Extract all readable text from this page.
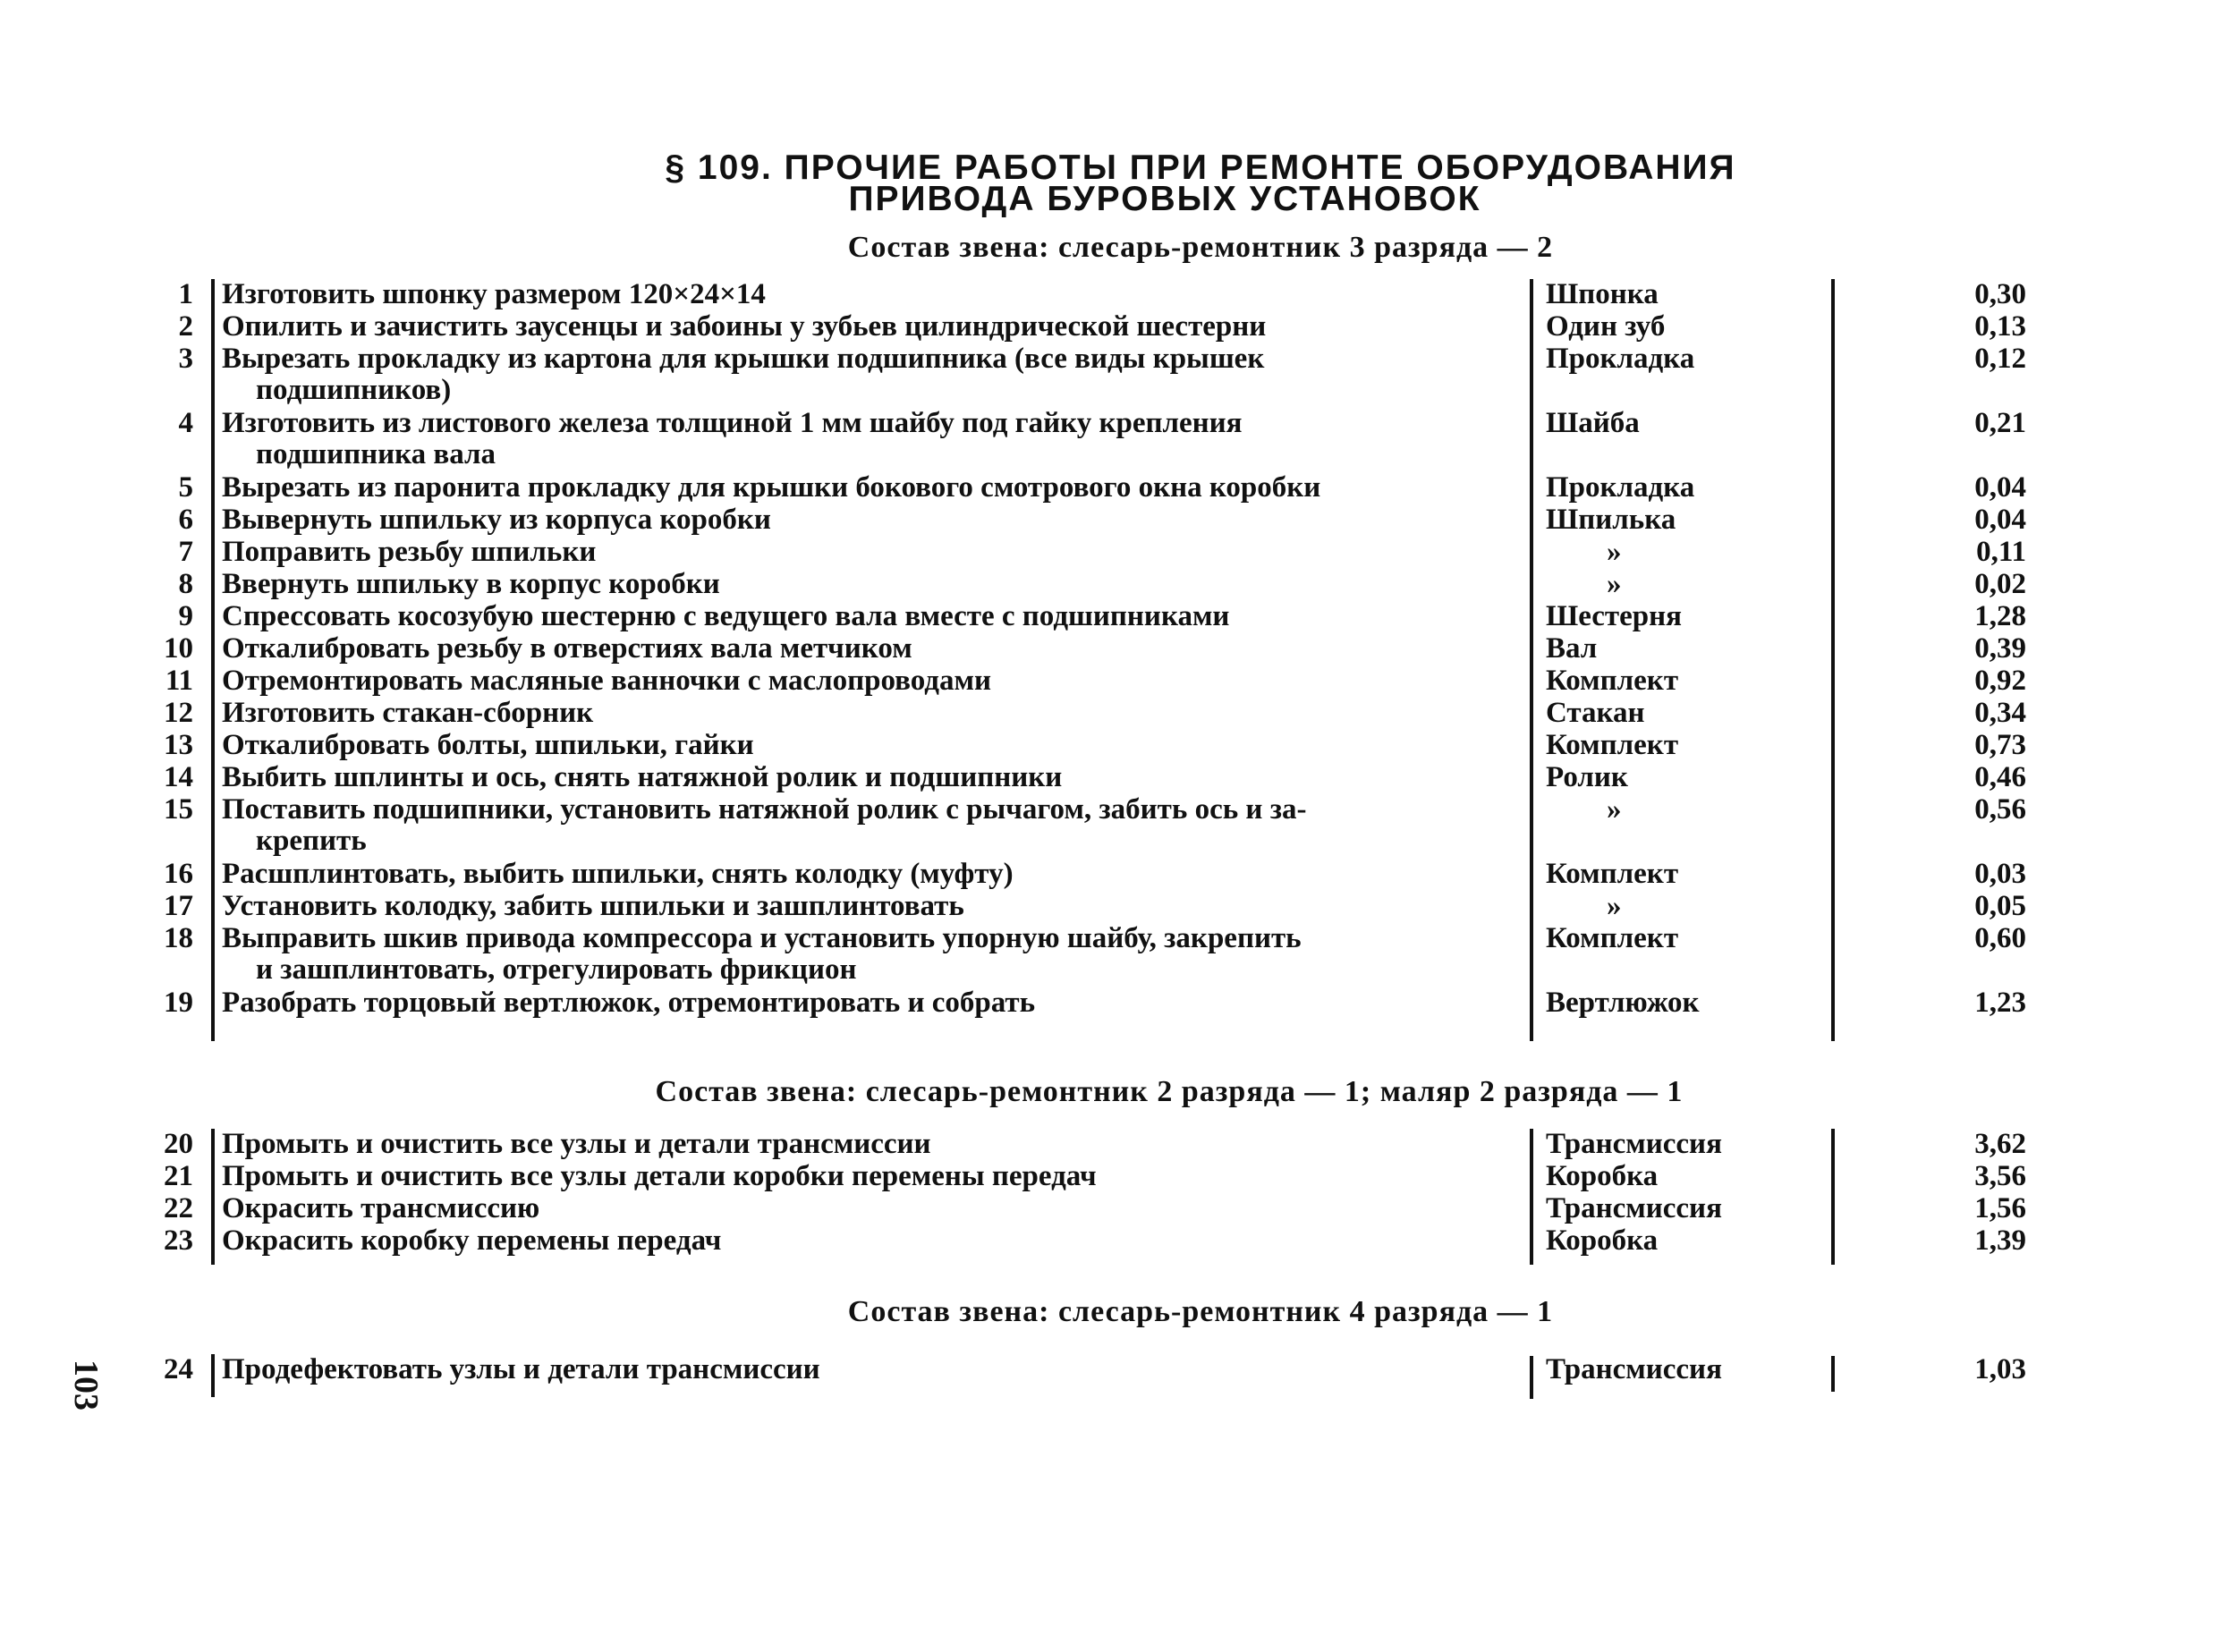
§ 109. ПРОЧИЕ РАБОТЫ ПРИ РЕМОНТЕ ОБОРУДОВАНИЯ
ПРИВОДА БУРОВЫХ УСТАНОВОК

Состав звена: слесарь-ремонтник 3 разряда — 2

1 Изготовить шпонку размером 120×24×14	Шпонка	0,30
2 Опилить и зачистить заусенцы и забоины у зубьев цилиндрической шестерни	Один зуб	0,13
3 Вырезать прокладку из картона для крышки подшипника (все виды крышек
подшипников)
Прокладка	0,12
4 Изготовить из листового железа толщиной 1 мм шайбу под гайку крепления
подшипника вала
Шайба	0,21
5 Вырезать из паронита прокладку для крышки бокового смотрового окна коробки	Прокладка	0,04
6 Вывернуть шпильку из корпуса коробки	Шпилька	0,04
7 Поправить резьбу шпильки	»	0,11
8 Ввернуть шпильку в корпус коробки	»	0,02
9 Спрессовать косозубую шестерню с ведущего вала вместе с подшипниками	Шестерня	1,28
10 Откалибровать резьбу в отверстиях вала метчиком	Вал	0,39
11 Отремонтировать масляные ванночки с маслопроводами	Комплект	0,92
12 Изготовить стакан-сборник	Стакан	0,34
13 Откалибровать болты, шпильки, гайки	Комплект	0,73
14 Выбить шплинты и ось, снять натяжной ролик и подшипники	Ролик	0,46
15 Поставить подшипники, установить натяжной ролик с рычагом, забить ось и за-
крепить
»	0,56
16 Расшплинтовать, выбить шпильки, снять колодку (муфту)	Комплект	0,03
17 Установить колодку, забить шпильки и зашплинтовать	»	0,05
18 Выправить шкив привода компрессора и установить упорную шайбу, закрепить
и зашплинтовать, отрегулировать фрикцион
Комплект	0,60
19 Разобрать торцовый вертлюжок, отремонтировать и собрать	Вертлюжок	1,23

Состав звена: слесарь-ремонтник 2 разряда — 1; маляр 2 разряда — 1

20 Промыть и очистить все узлы и детали трансмиссии	Трансмиссия	3,62
21 Промыть и очистить все узлы детали коробки перемены передач	Коробка	3,56
22 Окрасить трансмиссию	Трансмиссия	1,56
23 Окрасить коробку перемены передач	Коробка	1,39

Состав звена: слесарь-ремонтник 4 разряда — 1

24 Продефектовать узлы и детали трансмиссии	Трансмиссия	1,03
103
